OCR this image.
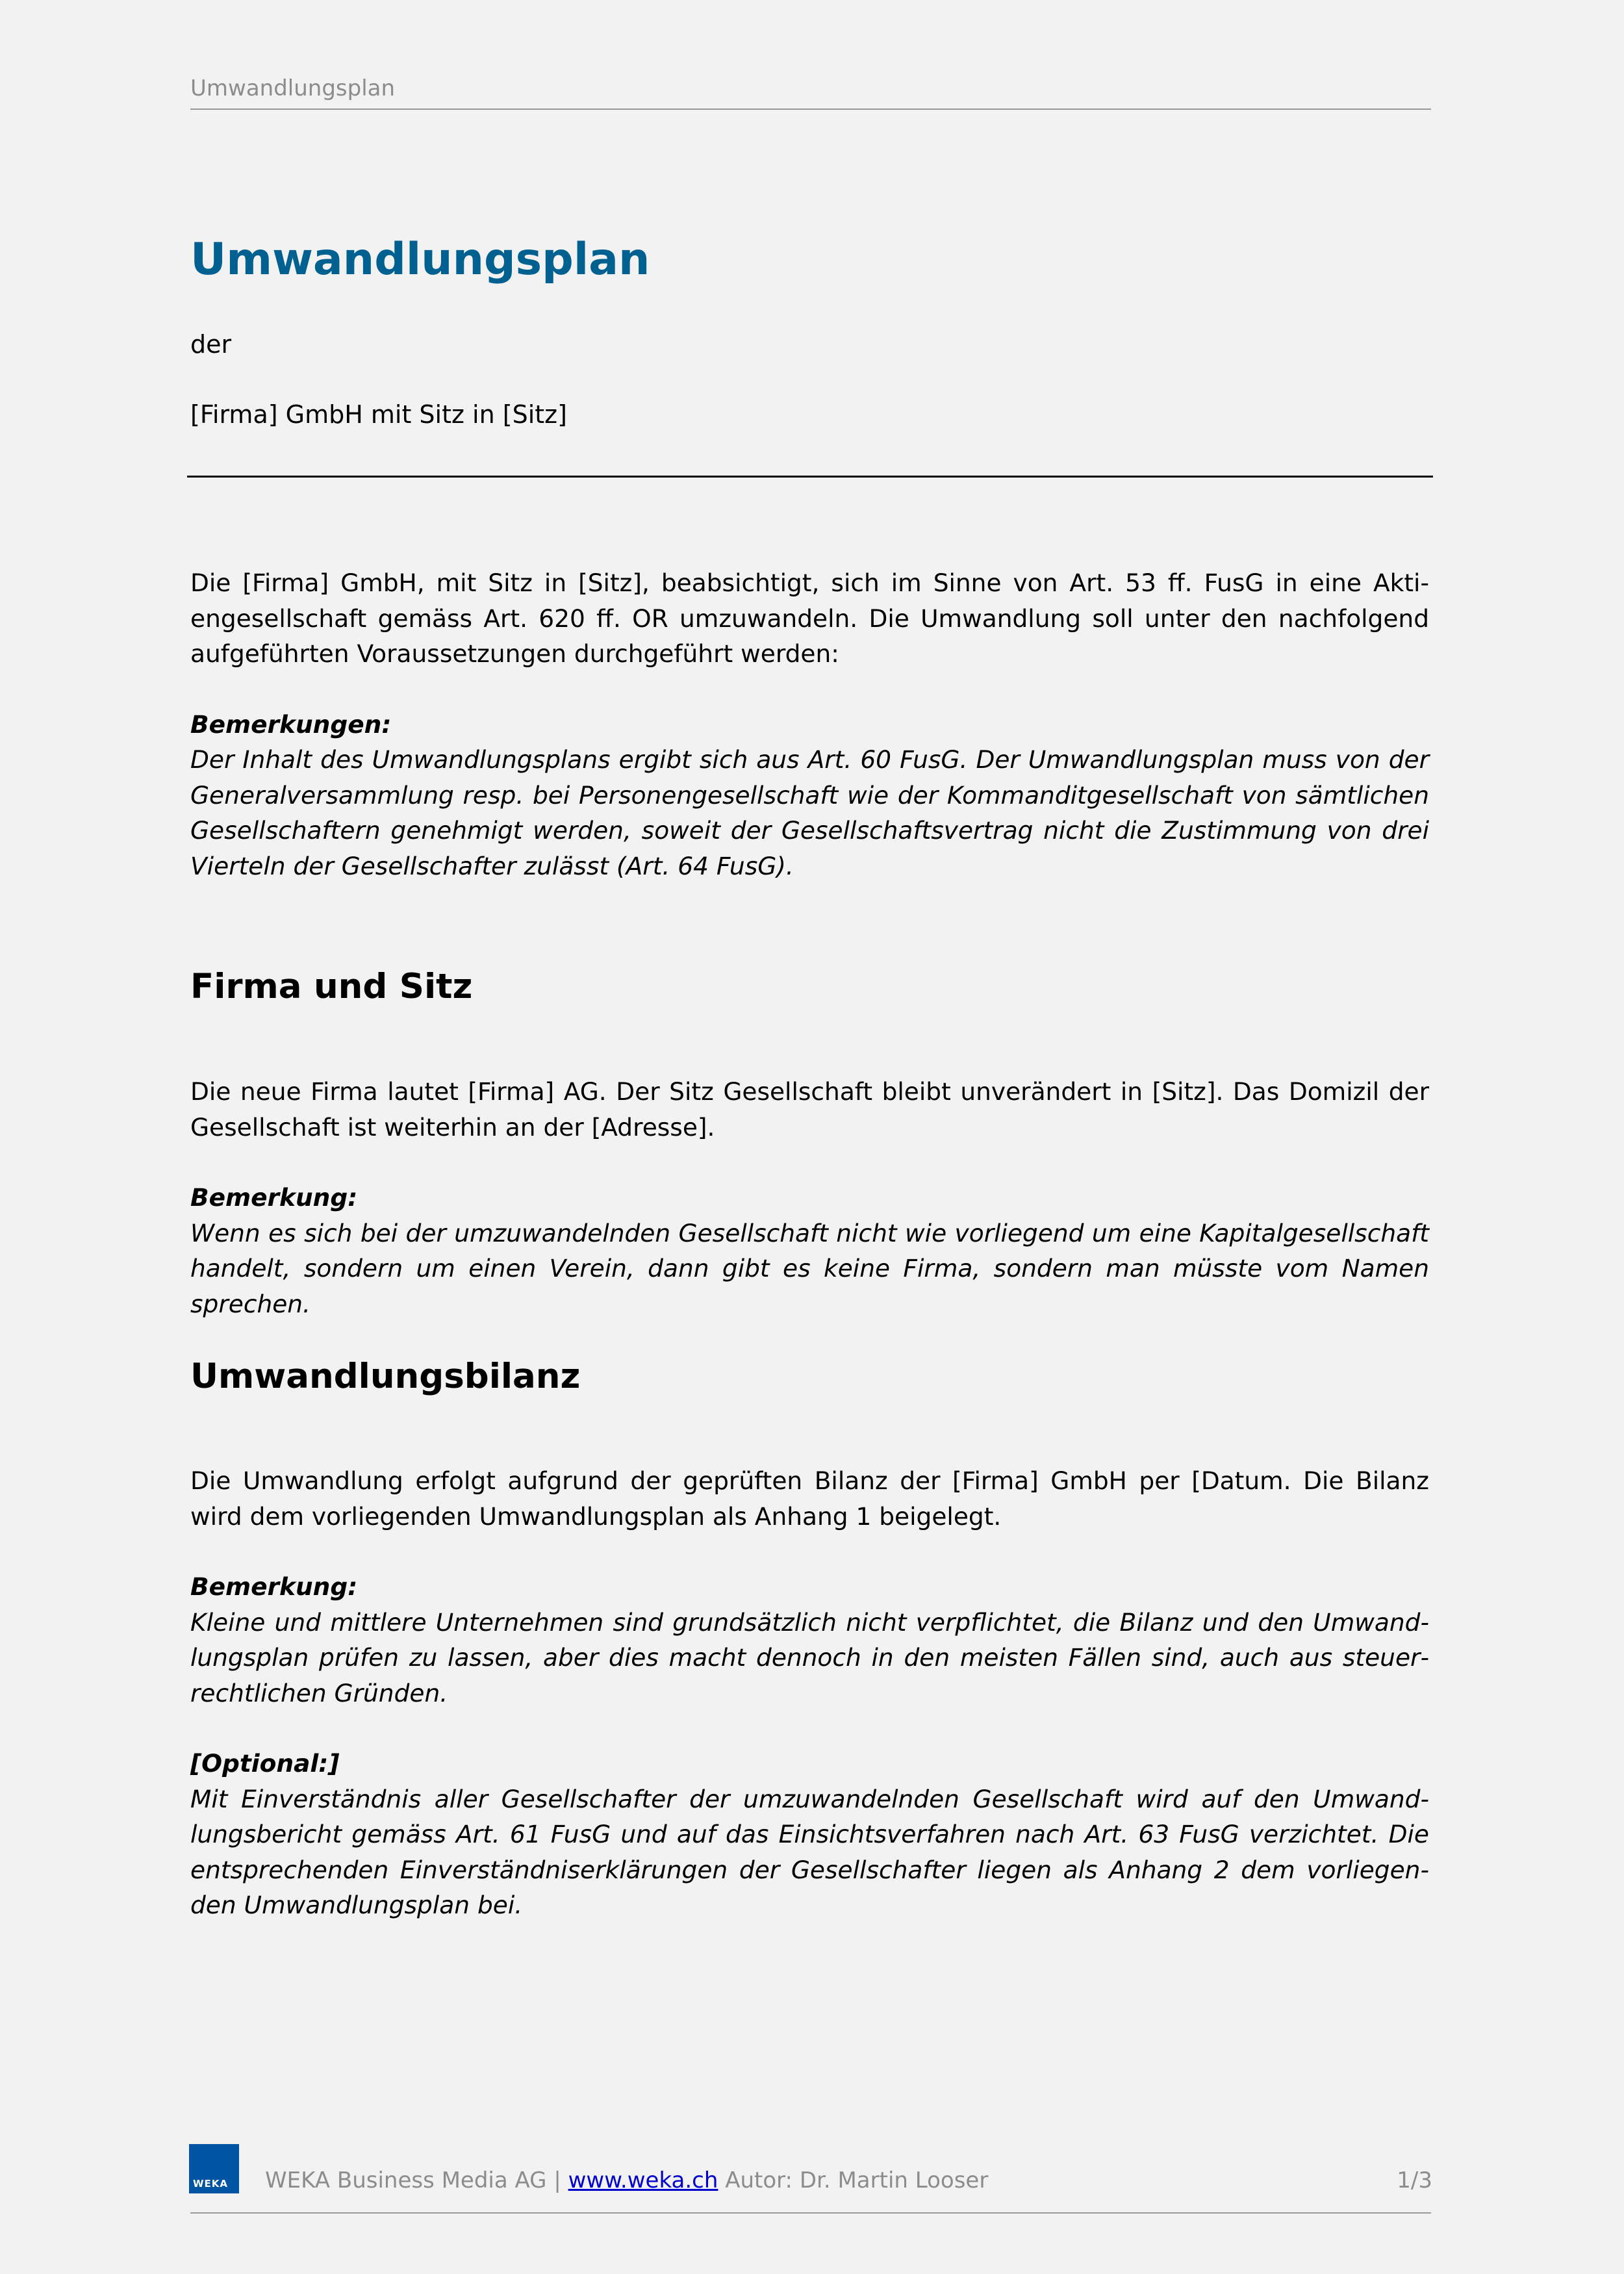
Umwandlungsplan
Umwandlungsplan
der
[Firma] GmbH mit Sitz in [Sitz]

Die [Firma] GmbH, mit Sitz in [Sitz], beabsichtigt, sich im Sinne von Art. 53 ff. FusG in eine Aktiengesellschaft gemäss Art. 620 ff. OR umzuwandeln. Die Umwandlung soll unter den nachfolgend aufgeführten Voraussetzungen durchgeführt werden:

Bemerkungen:

Der Inhalt des Umwandlungsplans ergibt sich aus Art. 60 FusG. Der Umwandlungsplan muss von der Generalversammlung resp. bei Personengesellschaft wie der Kommanditgesellschaft von sämtlichen Gesellschaftern genehmigt werden, soweit der Gesellschaftsvertrag nicht die Zustimmung von drei Vierteln der Gesellschafter zulässt (Art. 64 FusG).

Firma und Sitz

Die neue Firma lautet [Firma] AG. Der Sitz Gesellschaft bleibt unverändert in [Sitz]. Das Domizil der Gesellschaft ist weiterhin an der [Adresse].

Bemerkung:

Wenn es sich bei der umzuwandelnden Gesellschaft nicht wie vorliegend um eine Kapitalgesellschaft handelt, sondern um einen Verein, dann gibt es keine Firma, sondern man müsste vom Namen sprechen.

Umwandlungsbilanz

Die Umwandlung erfolgt aufgrund der geprüften Bilanz der [Firma] GmbH per [Datum. Die Bilanz wird dem vorliegenden Umwandlungsplan als Anhang 1 beigelegt.

Bemerkung:

Kleine und mittlere Unternehmen sind grundsätzlich nicht verpflichtet, die Bilanz und den Umwandlungsplan prüfen zu lassen, aber dies macht dennoch in den meisten Fällen sind, auch aus steuerrechtlichen Gründen.

[Optional:]

Mit Einverständnis aller Gesellschafter der umzuwandelnden Gesellschaft wird auf den Umwandlungsbericht gemäss Art. 61 FusG und auf das Einsichtsverfahren nach Art. 63 FusG verzichtet. Die entsprechenden Einverständniserklärungen der Gesellschafter liegen als Anhang 2 dem vorliegenden Umwandlungsplan bei.

WEKA WEKA Business Media AG | www.weka.ch Autor: Dr. Martin Looser	1/3
